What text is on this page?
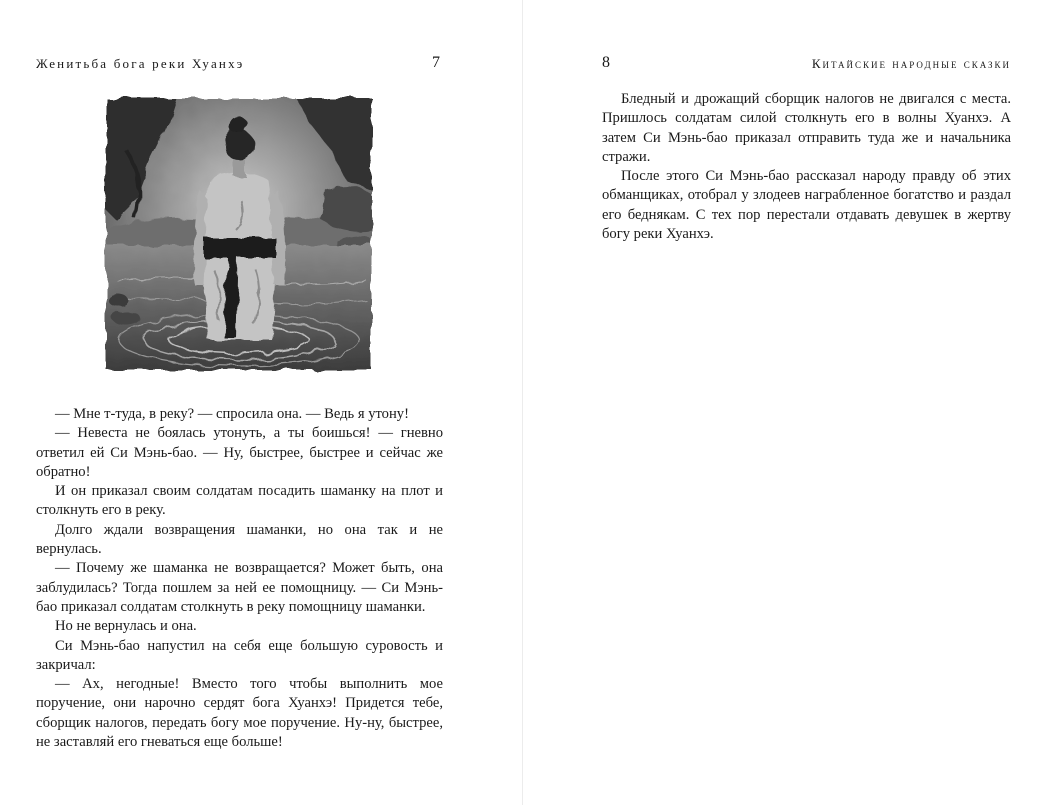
Женитьба бога реки Хуанхэ	7

— Мне т-туда, в реку? — спросила она. — Ведь я утону!

— Невеста не боялась утонуть, а ты боишься! — гневно ответил ей Си Мэнь-бао. — Ну, быстрее, быстрее и сейчас же обратно!

И он приказал своим солдатам посадить шаманку на плот и столкнуть его в реку.

Долго ждали возвращения шаманки, но она так и не вернулась.

— Почему же шаманка не возвращается? Может быть, она заблудилась? Тогда пошлем за ней ее помощницу. — Си Мэнь-бао приказал солдатам столкнуть в реку помощницу шаманки.

Но не вернулась и она.

Си Мэнь-бао напустил на себя еще большую суровость и закричал:

— Ах, негодные! Вместо того чтобы выполнить мое поручение, они нарочно сердят бога Хуанхэ! Придется тебе, сборщик налогов, передать богу мое поручение. Ну-ну, быстрее, не заставляй его гневаться еще больше!

8	Китайские народные сказки

Бледный и дрожащий сборщик налогов не двигался с места. Пришлось солдатам силой столкнуть его в волны Хуанхэ. А затем Си Мэнь-бао приказал отправить туда же и начальника стражи.

После этого Си Мэнь-бао рассказал народу правду об этих обманщиках, отобрал у злодеев награбленное богатство и раздал его беднякам. С тех пор перестали отдавать девушек в жертву богу реки Хуанхэ.
